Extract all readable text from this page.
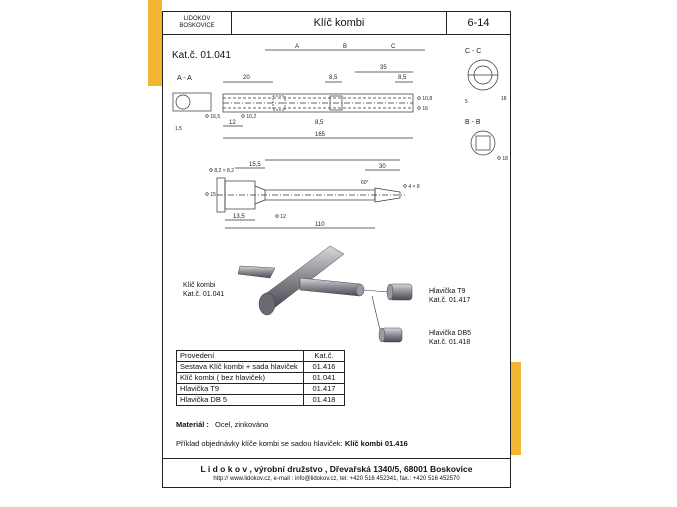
LIDOKOV
BOSKOVICE	Klíč kombi	6-14
Kat.č. 01.041
A	B	C
A - A
C - C
B - B
20	8,5
35
8,5
165
8,5
12
Φ 16,5	Φ 10,2
Φ 10,8
Φ 16
18
5
1,5
Φ 18
15,5	30
Φ 15
Φ 4 × 8
60°
13,5	Φ 12
110
Φ 8,2 × 8,2
Klíč kombi
Kat.č. 01.041	Hlavička T9
Kat.č. 01.417
Hlavička DB5
Kat.č. 01.418
Provedení	Kat.č.
Sestava Klíč kombi + sada hlaviček	01.416
Klíč kombi ( bez hlaviček)	01.041
Hlavička T9	01.417
Hlavička DB 5	01.418
Materiál : Ocel, zinkováno
Příklad objednávky klíče kombi se sadou hlaviček: Klíč kombi 01.416
L i d o k o v , výrobní družstvo , Dřevařská 1340/5, 68001 Boskovice
http:// www.lidokov.cz, e-mail : info@lidokov.cz, tel: +420 516 452341, fax.: +420 516 452570
